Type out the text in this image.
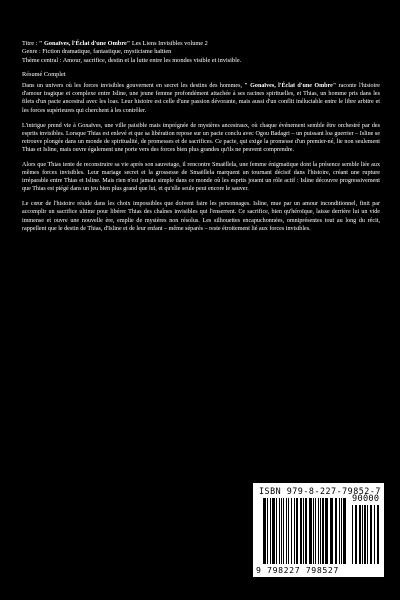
Titre : " Gonaïves, l'Éclat d'une Ombre" Les Liens Invisibles volume 2

Genre : Fiction dramatique, fantastique, mysticisme haïtien

Thème central : Amour, sacrifice, destin et la lutte entre les mondes visible et invisible.

Résumé Complet

Dans un univers où les forces invisibles gouvernent en secret les destins des hommes, " Gonaïves, l'Éclat d'une Ombre" raconte l'histoire d'amour tragique et complexe entre Isline, une jeune femme profondément attachée à ses racines spirituelles, et Thias, un homme pris dans les filets d'un pacte ancestral avec les loas. Leur histoire est celle d'une passion dévorante, mais aussi d'un conflit inéluctable entre le libre arbitre et les forces supérieures qui cherchent à les contrôler.

L'intrigue prend vie à Gonaïves, une ville paisible mais imprégnée de mystères ancestraux, où chaque événement semble être orchestré par des esprits invisibles. Lorsque Thias est enlevé et que sa libération repose sur un pacte conclu avec Ogou Badagri – un puissant loa guerrier – Isline se retrouve plongée dans un monde de spiritualité, de promesses et de sacrifices. Ce pacte, qui exige la promesse d'un premier-né, lie non seulement Thias et Isline, mais ouvre également une porte vers des forces bien plus grandes qu'ils ne peuvent comprendre.

Alors que Thias tente de reconstruire sa vie après son sauvetage, il rencontre Smaëllela, une femme énigmatique dont la présence semble liée aux mêmes forces invisibles. Leur mariage secret et la grossesse de Smaëllela marquent un tournant décisif dans l'histoire, créant une rupture irréparable entre Thias et Isline. Mais rien n'est jamais simple dans ce monde où les esprits jouent un rôle actif : Isline découvre progressivement que Thias est piégé dans un jeu bien plus grand que lui, et qu'elle seule peut encore le sauver.

Le cœur de l'histoire réside dans les choix impossibles que doivent faire les personnages. Isline, mue par un amour inconditionnel, finit par accomplir un sacrifice ultime pour libérer Thias des chaînes invisibles qui l'enserrent. Ce sacrifice, bien qu'héroïque, laisse derrière lui un vide immense et ouvre une nouvelle ère, emplie de mystères non résolus. Les silhouettes encapuchonnées, omniprésentes tout au long du récit, rappellent que le destin de Thias, d'Isline et de leur enfant – même séparés – reste étroitement lié aux forces invisibles.

ISBN 979-8-227-79852-7
90000
9 798227 798527
